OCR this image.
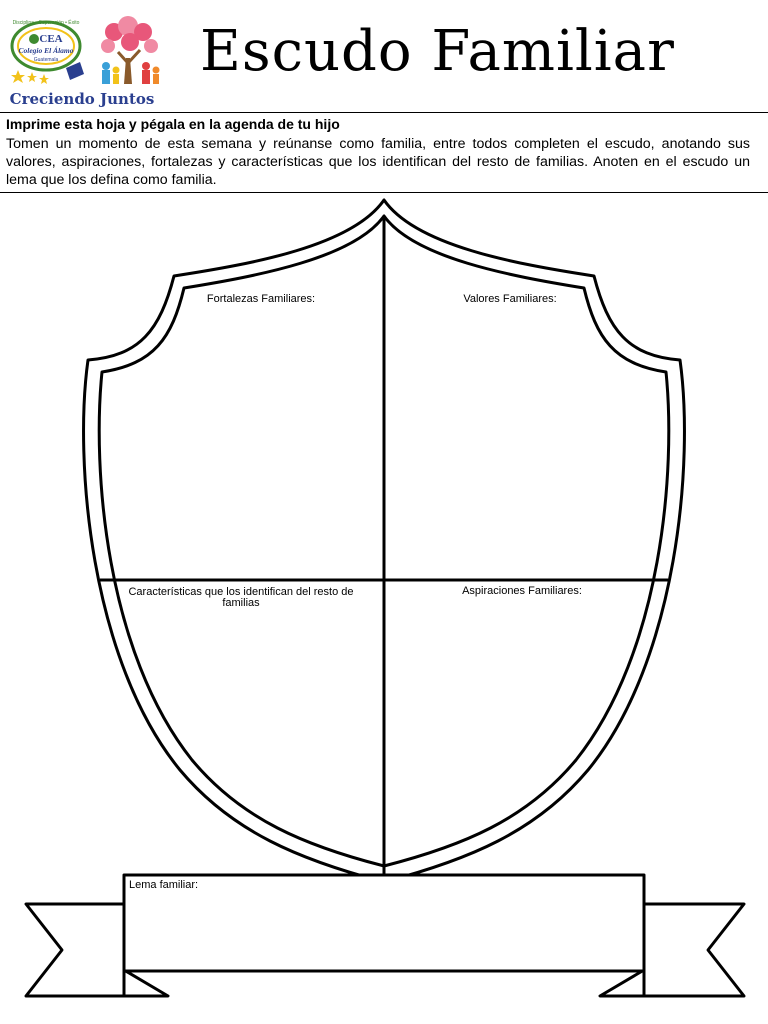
Disciplina • Superación • Éxito
CEA
Colegio El Álamo
Guatemala
Creciendo Juntos
Escudo Familiar
Imprime esta hoja y pégala en la agenda de tu hijo
Tomen un momento de esta semana y reúnanse como familia, entre todos completen el escudo, anotando sus valores, aspiraciones, fortalezas y características que los identifican del resto de familias. Anoten en el escudo un lema que los defina como familia.
Fortalezas Familiares:	Valores Familiares:
Características que los identifican del resto de familias
Aspiraciones Familiares:
Lema familiar:
